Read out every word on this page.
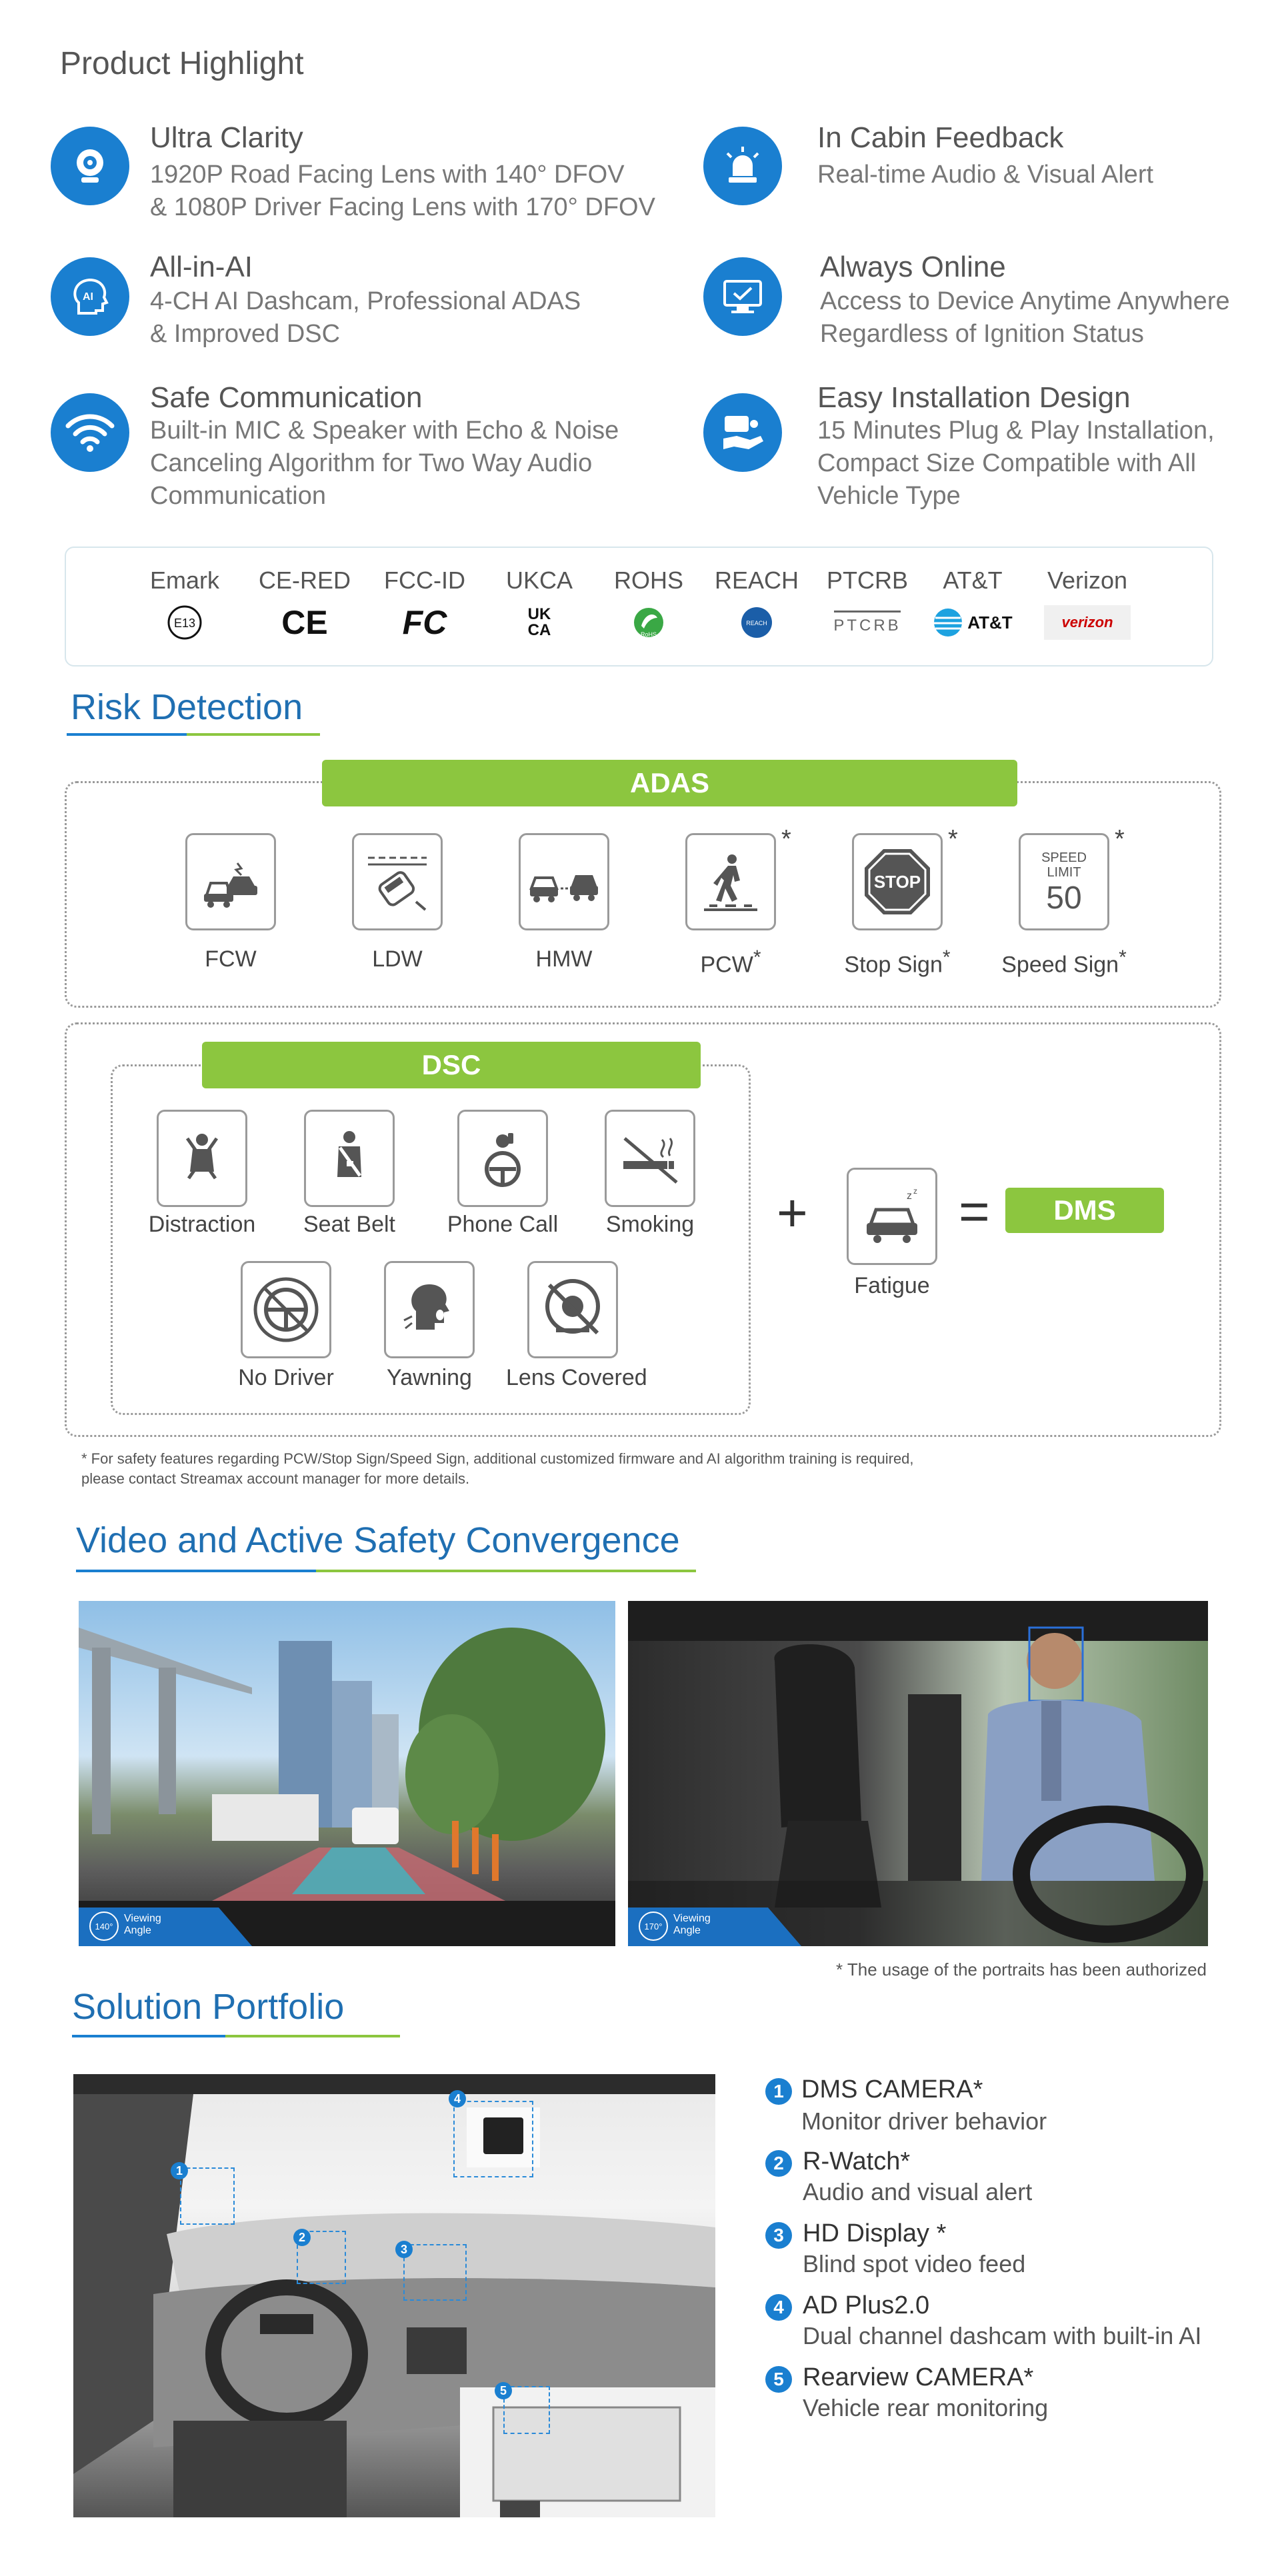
Product Highlight
Ultra Clarity
1920P Road Facing Lens with 140° DFOV
& 1080P Driver Facing Lens with 170° DFOV
In Cabin Feedback
Real-time Audio & Visual Alert
AI
All-in-AI
4-CH AI Dashcam, Professional ADAS
& Improved DSC
Always Online
Access to Device Anytime Anywhere
Regardless of Ignition Status
Safe Communication
Built-in MIC & Speaker with Echo & Noise
Canceling Algorithm for Two Way Audio
Communication
Easy Installation Design
15 Minutes Plug & Play Installation,
Compact Size Compatible with All
Vehicle Type
Emark
E13
CE-RED
CE
FCC-ID
FC
UKCA
UK CA
ROHS
RoHS
REACH
REACH
PTCRB
PTCRB
AT&T
AT&T
Verizon
verizon
Risk Detection
ADAS
*
STOP
*
SPEED
LIMIT
50
*
FCW	LDW	HMW	PCW*	Stop Sign*	Speed Sign*
DSC
Distraction	Seat Belt	Phone Call	Smoking
No Driver	Yawning	Lens Covered
+	z z
Fatigue
=	DMS
* For safety features regarding PCW/Stop Sign/Speed Sign, additional customized firmware and AI algorithm training is required,
please contact Streamax account manager for more details.
Video and Active Safety Convergence
140°
Viewing
Angle	170°
Viewing
Angle
* The usage of the portraits has been authorized
Solution Portfolio
1
2
3
4
5
1 DMS CAMERA*
Monitor driver behavior
2 R-Watch*
Audio and visual alert
3 HD Display *
Blind spot video feed
4 AD Plus2.0
Dual channel dashcam with built-in AI
5 Rearview CAMERA*
Vehicle rear monitoring
